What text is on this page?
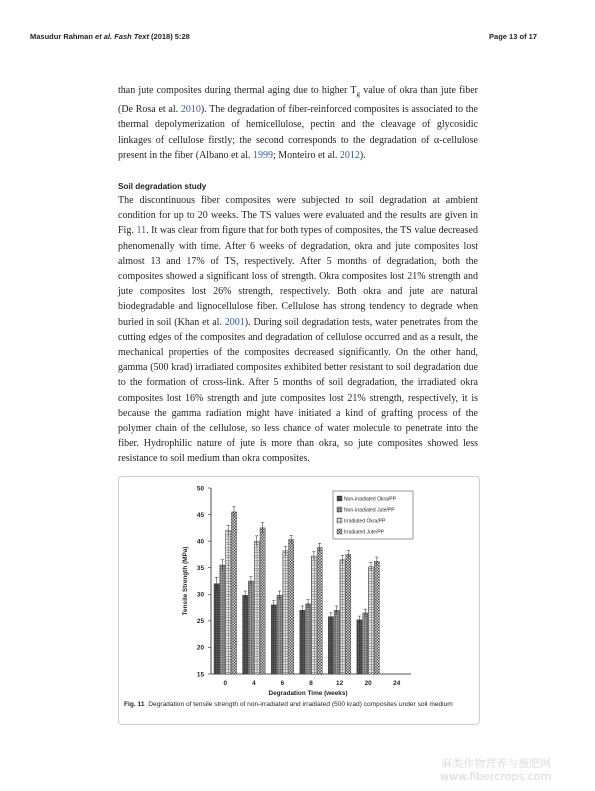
Masudur Rahman et al. Fash Text (2018) 5:28	Page 13 of 17
than jute composites during thermal aging due to higher $T_g$ value of okra than jute fiber (De Rosa et al. 2010). The degradation of fiber-reinforced composites is associated to the thermal depolymerization of hemicellulose, pectin and the cleavage of glycosidic linkages of cellulose firstly; the second corresponds to the degradation of α-cellulose present in the fiber (Albano et al. 1999; Monteiro et al. 2012).
Soil degradation study
The discontinuous fiber composites were subjected to soil degradation at ambient condition for up to 20 weeks. The TS values were evaluated and the results are given in Fig. 11. It was clear from figure that for both types of composites, the TS value decreased phenomenally with time. After 6 weeks of degradation, okra and jute composites lost almost 13 and 17% of TS, respectively. After 5 months of degradation, both the composites showed a significant loss of strength. Okra composites lost 21% strength and jute composites lost 26% strength, respectively. Both okra and jute are natural biodegradable and lignocellulose fiber. Cellulose has strong tendency to degrade when buried in soil (Khan et al. 2001). During soil degradation tests, water penetrates from the cutting edges of the composites and degradation of cellulose occurred and as a result, the mechanical properties of the composites decreased significantly. On the other hand, gamma (500 krad) irradiated composites exhibited better resistant to soil degradation due to the formation of cross-link. After 5 months of soil degradation, the irradiated okra composites lost 16% strength and jute composites lost 21% strength, respectively, it is because the gamma radiation might have initiated a kind of grafting process of the polymer chain of the cellulose, so less chance of water molecule to penetrate into the fiber. Hydrophilic nature of jute is more than okra, so jute composites showed less resistance to soil medium than okra composites.
15
20
25
30
35
40
45
50
0	4	6	8	12	20	24
Degradation Time (weeks)
Tensile Strength (MPa)
Non-irradiated Okra/PP
Non-irradiated Jute/PP
Irradiated Okra/PP
Irradiated Jute/PP
Fig. 11 Degradation of tensile strength of non-irradiated and irradiated (500 krad) composites under soil medium
麻类作物营养与施肥网
www.fibercrops.com
